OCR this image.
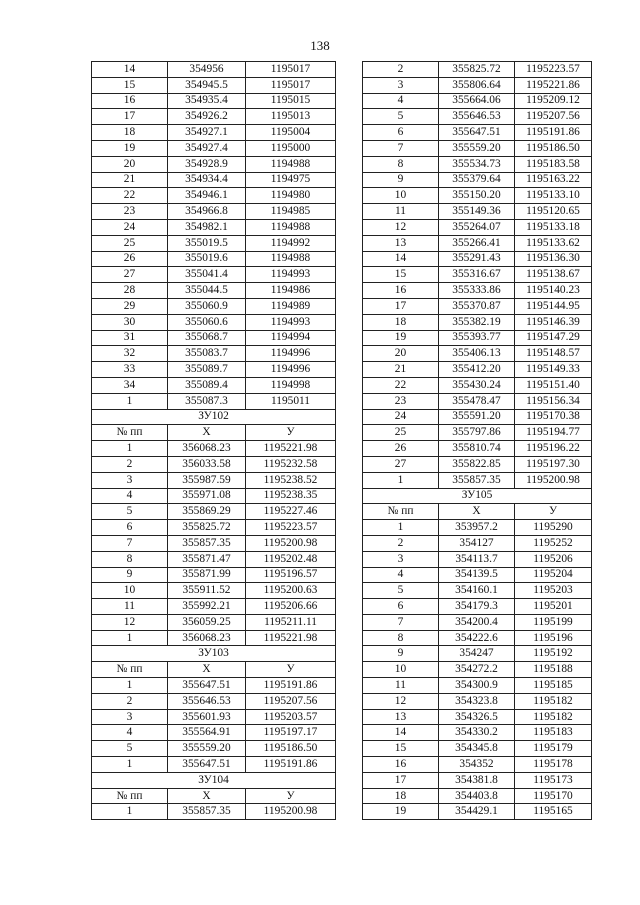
138
14	354956	1195017
15	354945.5	1195017
16	354935.4	1195015
17	354926.2	1195013
18	354927.1	1195004
19	354927.4	1195000
20	354928.9	1194988
21	354934.4	1194975
22	354946.1	1194980
23	354966.8	1194985
24	354982.1	1194988
25	355019.5	1194992
26	355019.6	1194988
27	355041.4	1194993
28	355044.5	1194986
29	355060.9	1194989
30	355060.6	1194993
31	355068.7	1194994
32	355083.7	1194996
33	355089.7	1194996
34	355089.4	1194998
1	355087.3	1195011
ЗУ102		
№ пп	X	У
1	356068.23	1195221.98
2	356033.58	1195232.58
3	355987.59	1195238.52
4	355971.08	1195238.35
5	355869.29	1195227.46
6	355825.72	1195223.57
7	355857.35	1195200.98
8	355871.47	1195202.48
9	355871.99	1195196.57
10	355911.52	1195200.63
11	355992.21	1195206.66
12	356059.25	1195211.11
1	356068.23	1195221.98
ЗУ103		
№ пп	X	У
1	355647.51	1195191.86
2	355646.53	1195207.56
3	355601.93	1195203.57
4	355564.91	1195197.17
5	355559.20	1195186.50
1	355647.51	1195191.86
ЗУ104		
№ пп	X	У
1	355857.35	1195200.98
2	355825.72	1195223.57
3	355806.64	1195221.86
4	355664.06	1195209.12
5	355646.53	1195207.56
6	355647.51	1195191.86
7	355559.20	1195186.50
8	355534.73	1195183.58
9	355379.64	1195163.22
10	355150.20	1195133.10
11	355149.36	1195120.65
12	355264.07	1195133.18
13	355266.41	1195133.62
14	355291.43	1195136.30
15	355316.67	1195138.67
16	355333.86	1195140.23
17	355370.87	1195144.95
18	355382.19	1195146.39
19	355393.77	1195147.29
20	355406.13	1195148.57
21	355412.20	1195149.33
22	355430.24	1195151.40
23	355478.47	1195156.34
24	355591.20	1195170.38
25	355797.86	1195194.77
26	355810.74	1195196.22
27	355822.85	1195197.30
1	355857.35	1195200.98
ЗУ105		
№ пп	X	У
1	353957.2	1195290
2	354127	1195252
3	354113.7	1195206
4	354139.5	1195204
5	354160.1	1195203
6	354179.3	1195201
7	354200.4	1195199
8	354222.6	1195196
9	354247	1195192
10	354272.2	1195188
11	354300.9	1195185
12	354323.8	1195182
13	354326.5	1195182
14	354330.2	1195183
15	354345.8	1195179
16	354352	1195178
17	354381.8	1195173
18	354403.8	1195170
19	354429.1	1195165
